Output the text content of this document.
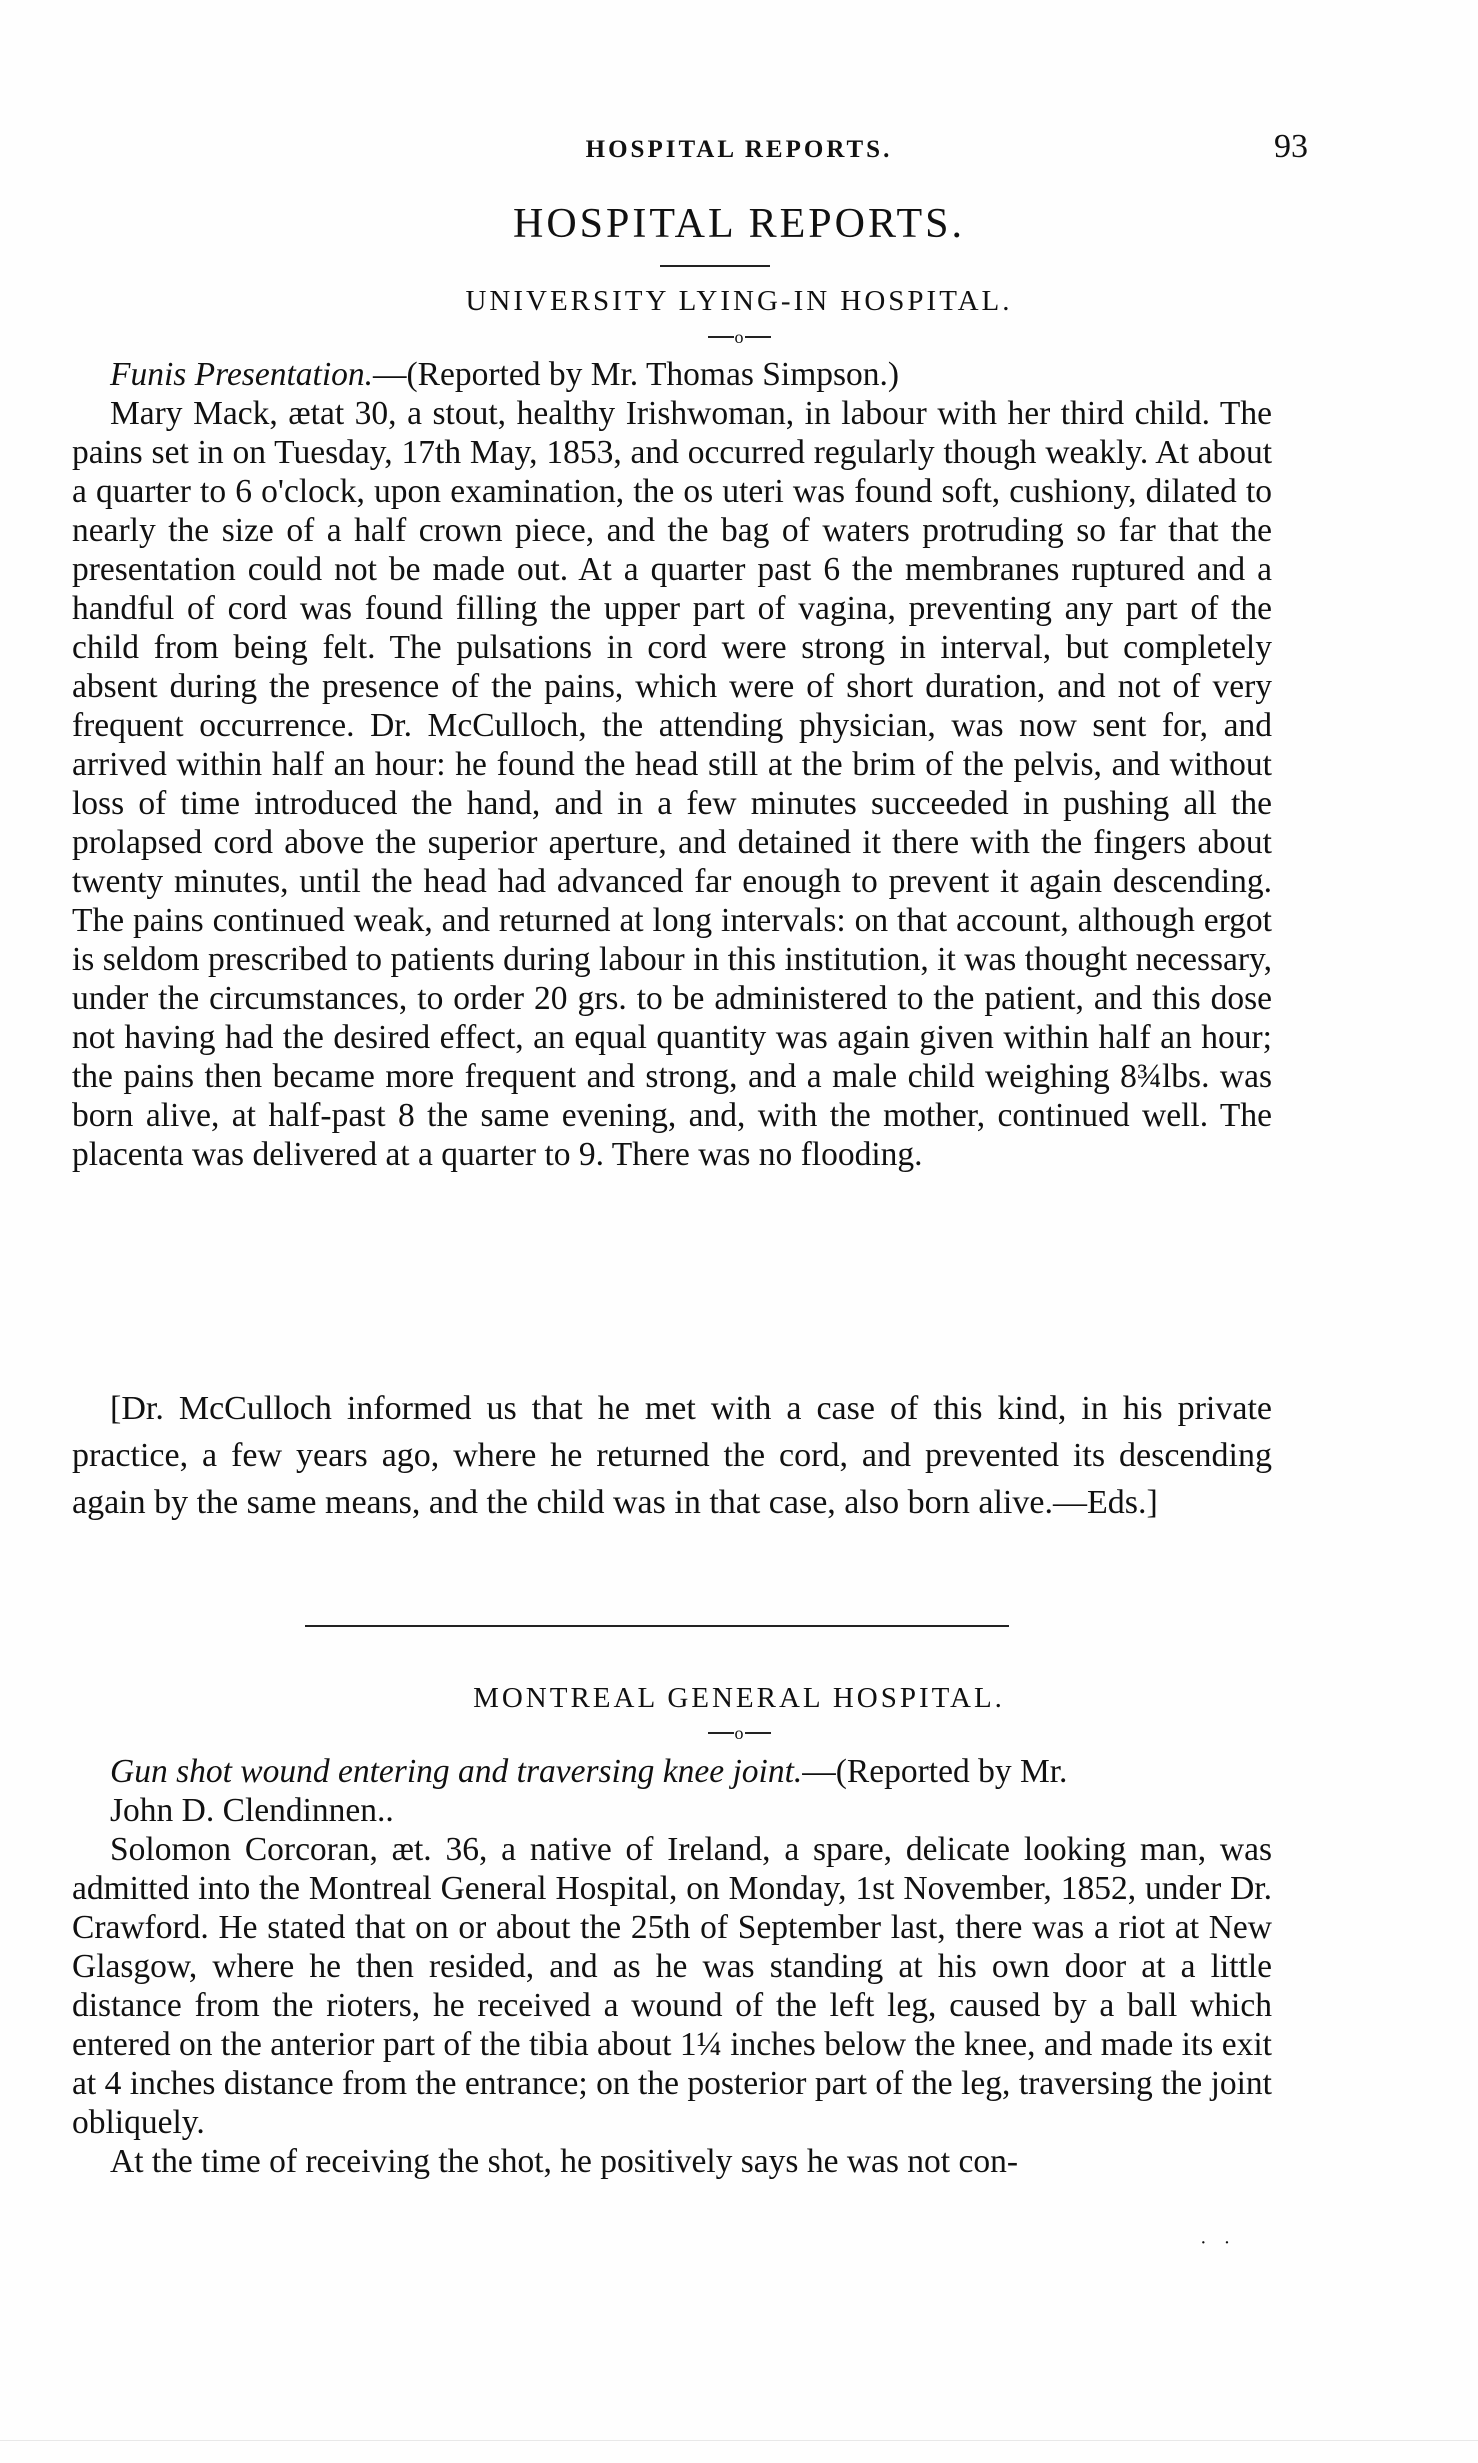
HOSPITAL REPORTS.	93
HOSPITAL REPORTS.
UNIVERSITY LYING-IN HOSPITAL.
o

Funis Presentation.—(Reported by Mr. Thomas Simpson.)

Mary Mack, ætat 30, a stout, healthy Irishwoman, in labour with her third child. The pains set in on Tuesday, 17th May, 1853, and occurred regularly though weakly. At about a quarter to 6 o'clock, upon examination, the os uteri was found soft, cushiony, dilated to nearly the size of a half crown piece, and the bag of waters protruding so far that the presentation could not be made out. At a quarter past 6 the membranes ruptured and a handful of cord was found filling the upper part of vagina, preventing any part of the child from being felt. The pulsations in cord were strong in interval, but completely absent during the presence of the pains, which were of short duration, and not of very frequent occurrence. Dr. McCulloch, the attending physician, was now sent for, and arrived within half an hour: he found the head still at the brim of the pelvis, and without loss of time introduced the hand, and in a few minutes succeeded in pushing all the prolapsed cord above the superior aperture, and detained it there with the fingers about twenty minutes, until the head had advanced far enough to prevent it again descending. The pains continued weak, and returned at long intervals: on that account, although ergot is seldom prescribed to patients during labour in this institution, it was thought necessary, under the circumstances, to order 20 grs. to be administered to the patient, and this dose not having had the desired effect, an equal quantity was again given within half an hour; the pains then became more frequent and strong, and a male child weighing 8¾lbs. was born alive, at half-past 8 the same evening, and, with the mother, continued well. The placenta was delivered at a quarter to 9. There was no flooding.

[Dr. McCulloch informed us that he met with a case of this kind, in his private practice, a few years ago, where he returned the cord, and prevented its descending again by the same means, and the child was in that case, also born alive.—Eds.]

MONTREAL GENERAL HOSPITAL.
o

Gun shot wound entering and traversing knee joint.—(Reported by Mr.

John D. Clendinnen..

Solomon Corcoran, æt. 36, a native of Ireland, a spare, delicate looking man, was admitted into the Montreal General Hospital, on Monday, 1st November, 1852, under Dr. Crawford. He stated that on or about the 25th of September last, there was a riot at New Glasgow, where he then resided, and as he was standing at his own door at a little distance from the rioters, he received a wound of the left leg, caused by a ball which entered on the anterior part of the tibia about 1¼ inches below the knee, and made its exit at 4 inches distance from the entrance; on the posterior part of the leg, traversing the joint obliquely.

At the time of receiving the shot, he positively says he was not con-

· ·
